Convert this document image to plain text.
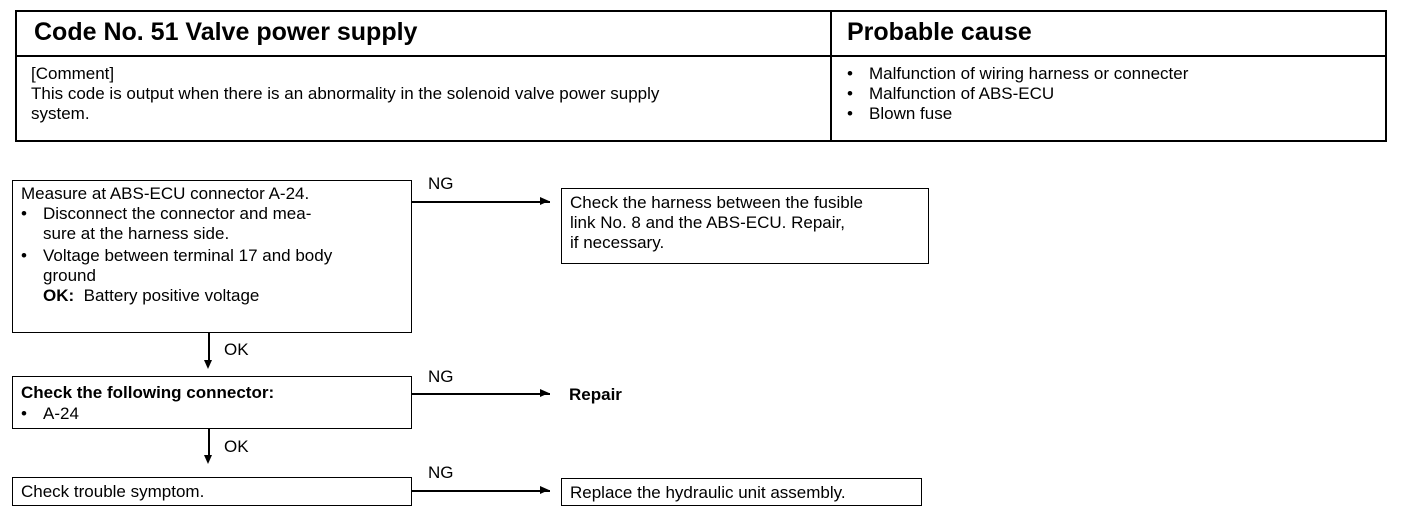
Code No. 51 Valve power supply	Probable cause
[Comment]
This code is output when there is an abnormality in the solenoid valve power supply
system.
• Malfunction of wiring harness or connecter
• Malfunction of ABS-ECU
• Blown fuse
Measure at ABS-ECU connector A-24.
• Disconnect the connector and mea-
sure at the harness side.
• Voltage between terminal 17 and body
ground
OK: Battery positive voltage
NG
Check the harness between the fusible
link No. 8 and the ABS-ECU. Repair,
if necessary.
OK
Check the following connector:
• A-24
NG
Repair
OK
Check trouble symptom.
NG
Replace the hydraulic unit assembly.
